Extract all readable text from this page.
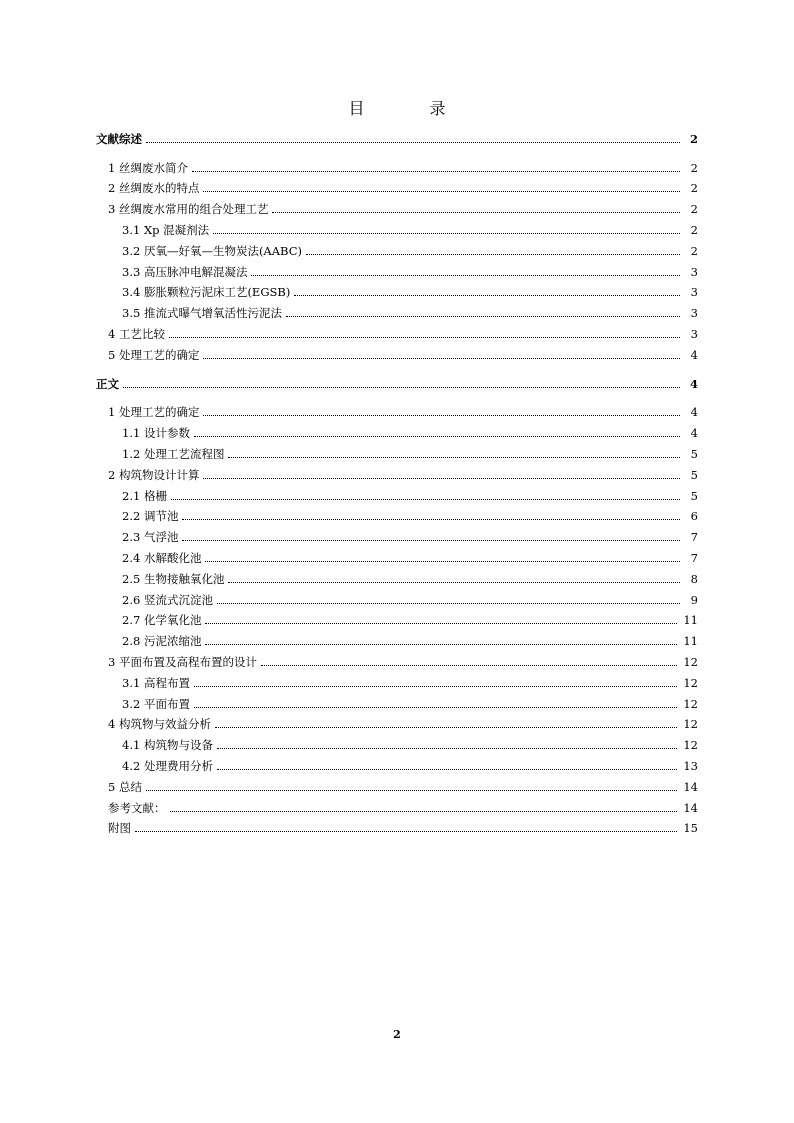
目 录
文献综述	2
1 丝绸废水简介	2
2 丝绸废水的特点	2
3 丝绸废水常用的组合处理工艺	2
3.1 Xp 混凝剂法	2
3.2 厌氧—好氧—生物炭法(AABC)	2
3.3 高压脉冲电解混凝法	3
3.4 膨胀颗粒污泥床工艺(EGSB)	3
3.5 推流式曝气增氧活性污泥法	3
4 工艺比较	3
5 处理工艺的确定	4
正文	4
1 处理工艺的确定	4
1.1 设计参数	4
1.2 处理工艺流程图	5
2 构筑物设计计算	5
2.1 格栅	5
2.2 调节池	6
2.3 气浮池	7
2.4 水解酸化池	7
2.5 生物接触氧化池	8
2.6 竖流式沉淀池	9
2.7 化学氧化池	11
2.8 污泥浓缩池	11
3 平面布置及高程布置的设计	12
3.1 高程布置	12
3.2 平面布置	12
4 构筑物与效益分析	12
4.1 构筑物与设备	12
4.2 处理费用分析	13
5 总结	14
参考文献：	14
附图	15
2
